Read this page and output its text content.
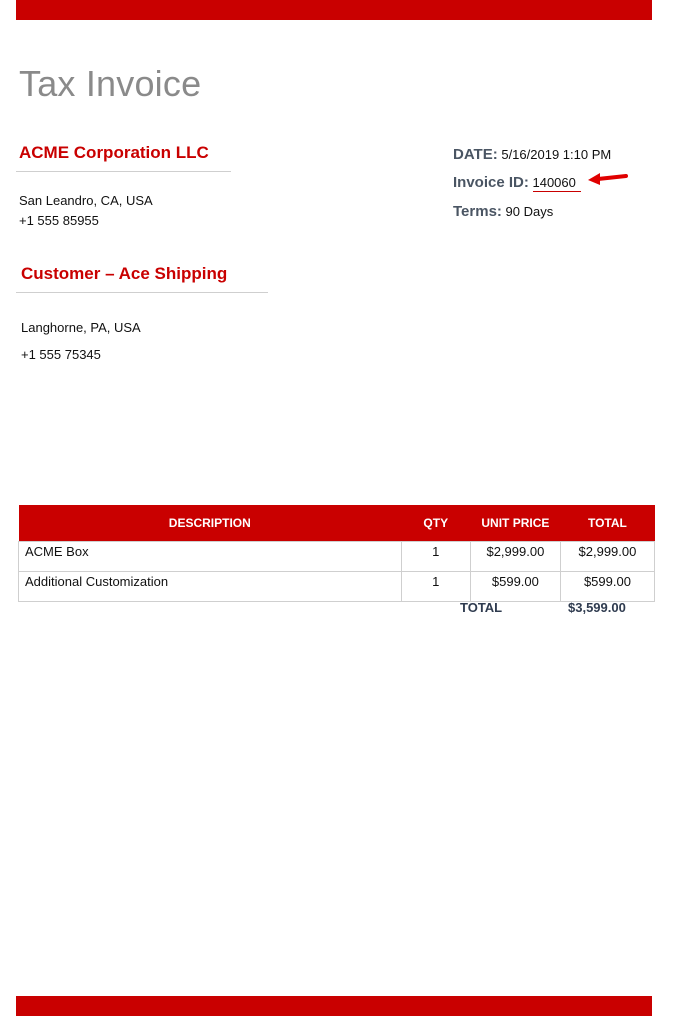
Tax Invoice
ACME Corporation LLC
San Leandro, CA, USA
+1 555 85955
Customer – Ace Shipping
Langhorne, PA, USA
+1 555 75345
DATE: 5/16/2019 1:10 PM
Invoice ID: 140060
Terms: 90 Days
DESCRIPTION	QTY	UNIT PRICE	TOTAL
ACME Box	1	$2,999.00	$2,999.00
Additional Customization	1	$599.00	$599.00
TOTAL	$3,599.00
